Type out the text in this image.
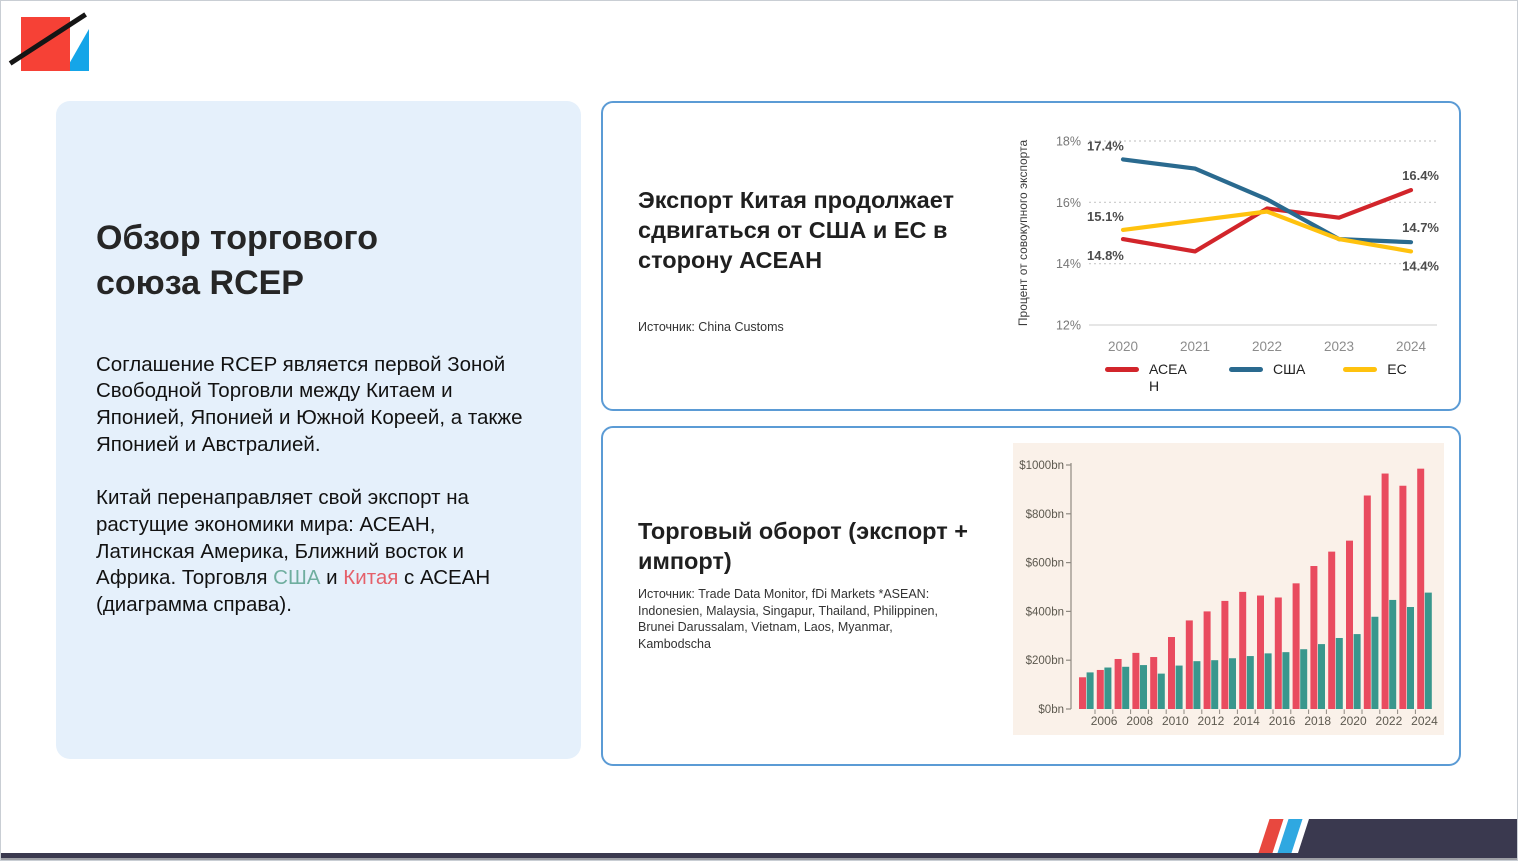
Обзор торгового союза RCEP

Соглашение RCEP является первой Зоной Свободной Торговли между Китаем и Японией, Японией и Южной Кореей, а также Японией и Австралией.

Китай перенаправляет свой экспорт на растущие экономики мира: АСЕАН, Латинская Америка, Ближний восток и Африка. Торговля США и Китая с АСЕАН (диаграмма справа).

Экспорт Китая продолжает сдвигаться от США и ЕС в сторону АСЕАН
Источник: China Customs
18%
16%
14%
12%
Процент от совокупного экспорта
2020	2021	2022	2023	2024
17.4%
15.1%
14.8%
16.4%
14.7%
14.4%
АСЕАН
США	ЕС
Торговый оборот (экспорт + импорт)
Источник: Trade Data Monitor, fDi Markets *ASEAN: Indonesien, Malaysia, Singapur, Thailand, Philippinen, Brunei Darussalam, Vietnam, Laos, Myanmar, Kambodscha
$1000bn
$800bn
$600bn
$400bn
$200bn
$0bn
2006 2008 2010 2012 2014 2016 2018 2020 2022 2024
